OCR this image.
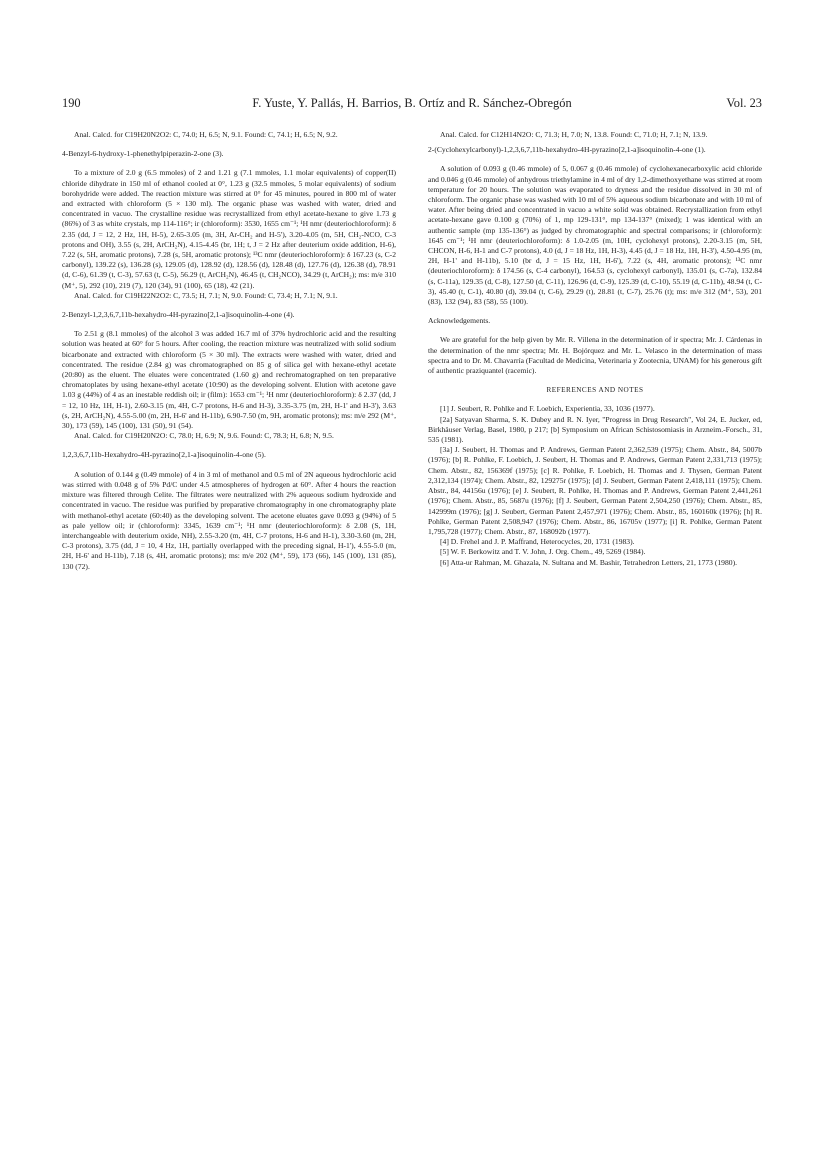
190	F. Yuste, Y. Pallás, H. Barrios, B. Ortíz and R. Sánchez-Obregón	Vol. 23

Anal. Calcd. for C19H20N2O2: C, 74.0; H, 6.5; N, 9.1. Found: C, 74.1; H, 6.5; N, 9.2.

4-Benzyl-6-hydroxy-1-phenethylpiperazin-2-one (3).

To a mixture of 2.0 g (6.5 mmoles) of 2 and 1.21 g (7.1 mmoles, 1.1 molar equivalents) of copper(II) chloride dihydrate in 150 ml of ethanol cooled at 0°, 1.23 g (32.5 mmoles, 5 molar equivalents) of sodium borohydride were added. The reaction mixture was stirred at 0° for 45 minutes, poured in 800 ml of water and extracted with chloroform (5 × 130 ml). The organic phase was washed with water, dried and concentrated in vacuo. The crystalline residue was recrystallized from ethyl acetate-hexane to give 1.73 g (86%) of 3 as white crystals, mp 114-116°; ir (chloroform): 3530, 1655 cm⁻¹; ¹H nmr (deuteriochloroform): δ 2.35 (dd, J = 12, 2 Hz, 1H, H-5), 2.65-3.05 (m, 3H, Ar-CH₂ and H-5'), 3.20-4.05 (m, 5H, CH₂-NCO, C-3 protons and OH), 3.55 (s, 2H, ArCH₂N), 4.15-4.45 (br, 1H; t, J = 2 Hz after deuterium oxide addition, H-6), 7.22 (s, 5H, aromatic protons), 7.28 (s, 5H, aromatic protons); ¹³C nmr (deuteriochloroform): δ 167.23 (s, C-2 carbonyl), 139.22 (s), 136.28 (s), 129.05 (d), 128.92 (d), 128.56 (d), 128.48 (d), 127.76 (d), 126.38 (d), 78.91 (d, C-6), 61.39 (t, C-3), 57.63 (t, C-5), 56.29 (t, ArCH₂N), 46.45 (t, CH₂NCO), 34.29 (t, ArCH₂); ms: m/e 310 (M⁺, 5), 292 (10), 219 (7), 120 (34), 91 (100), 65 (18), 42 (21).

Anal. Calcd. for C19H22N2O2: C, 73.5; H, 7.1; N, 9.0. Found: C, 73.4; H, 7.1; N, 9.1.

2-Benzyl-1,2,3,6,7,11b-hexahydro-4H-pyrazino[2,1-a]isoquinolin-4-one (4).

To 2.51 g (8.1 mmoles) of the alcohol 3 was added 16.7 ml of 37% hydrochloric acid and the resulting solution was heated at 60° for 5 hours. After cooling, the reaction mixture was neutralized with solid sodium bicarbonate and extracted with chloroform (5 × 30 ml). The extracts were washed with water, dried and concentrated. The residue (2.84 g) was chromatographed on 85 g of silica gel with hexane-ethyl acetate (20:80) as the eluent. The eluates were concentrated (1.60 g) and rechromatographed on ten preparative chromatoplates by using hexane-ethyl acetate (10:90) as the developing solvent. Elution with acetone gave 1.03 g (44%) of 4 as an inestable reddish oil; ir (film): 1653 cm⁻¹; ¹H nmr (deuteriochloroform): δ 2.37 (dd, J = 12, 10 Hz, 1H, H-1), 2.60-3.15 (m, 4H, C-7 protons, H-6 and H-3), 3.35-3.75 (m, 2H, H-1' and H-3'), 3.63 (s, 2H, ArCH₂N), 4.55-5.00 (m, 2H, H-6' and H-11b), 6.90-7.50 (m, 9H, aromatic protons); ms: m/e 292 (M⁺, 30), 173 (59), 145 (100), 131 (50), 91 (54).

Anal. Calcd. for C19H20N2O: C, 78.0; H, 6.9; N, 9.6. Found: C, 78.3; H, 6.8; N, 9.5.

1,2,3,6,7,11b-Hexahydro-4H-pyrazino[2,1-a]isoquinolin-4-one (5).

A solution of 0.144 g (0.49 mmole) of 4 in 3 ml of methanol and 0.5 ml of 2N aqueous hydrochloric acid was stirred with 0.048 g of 5% Pd/C under 4.5 atmospheres of hydrogen at 60°. After 4 hours the reaction mixture was filtered through Celite. The filtrates were neutralized with 2% aqueous sodium hydroxide and concentrated in vacuo. The residue was purified by preparative chromatography in one chromatography plate with methanol-ethyl acetate (60:40) as the developing solvent. The acetone eluates gave 0.093 g (94%) of 5 as pale yellow oil; ir (chloroform): 3345, 1639 cm⁻¹; ¹H nmr (deuteriochloroform): δ 2.08 (S, 1H, interchangeable with deuterium oxide, NH), 2.55-3.20 (m, 4H, C-7 protons, H-6 and H-1), 3.30-3.60 (m, 2H, C-3 protons), 3.75 (dd, J = 10, 4 Hz, 1H, partially overlapped with the preceding signal, H-1'), 4.55-5.0 (m, 2H, H-6' and H-11b), 7.18 (s, 4H, aromatic protons); ms: m/e 202 (M⁺, 59), 173 (66), 145 (100), 131 (85), 130 (72).

Anal. Calcd. for C12H14N2O: C, 71.3; H, 7.0; N, 13.8. Found: C, 71.0; H, 7.1; N, 13.9.

2-(Cyclohexylcarbonyl)-1,2,3,6,7,11b-hexahydro-4H-pyrazino[2,1-a]isoquinolin-4-one (1).

A solution of 0.093 g (0.46 mmole) of 5, 0.067 g (0.46 mmole) of cyclohexanecarboxylic acid chloride and 0.046 g (0.46 mmole) of anhydrous triethylamine in 4 ml of dry 1,2-dimethoxyethane was stirred at room temperature for 20 hours. The solution was evaporated to dryness and the residue dissolved in 30 ml of chloroform. The organic phase was washed with 10 ml of 5% aqueous sodium bicarbonate and with 10 ml of water. After being dried and concentrated in vacuo a white solid was obtained. Recrystallization from ethyl acetate-hexane gave 0.100 g (70%) of 1, mp 129-131°, mp 134-137° (mixed); 1 was identical with an authentic sample (mp 135-136°) as judged by chromatographic and spectral comparisons; ir (chloroform): 1645 cm⁻¹; ¹H nmr (deuteriochloroform): δ 1.0-2.05 (m, 10H, cyclohexyl protons), 2.20-3.15 (m, 5H, CHCON, H-6, H-1 and C-7 protons), 4.0 (d, J = 18 Hz, 1H, H-3), 4.45 (d, J = 18 Hz, 1H, H-3'), 4.50-4.95 (m, 2H, H-1' and H-11b), 5.10 (br d, J = 15 Hz, 1H, H-6'), 7.22 (s, 4H, aromatic protons); ¹³C nmr (deuteriochloroform): δ 174.56 (s, C-4 carbonyl), 164.53 (s, cyclohexyl carbonyl), 135.01 (s, C-7a), 132.84 (s, C-11a), 129.35 (d, C-8), 127.50 (d, C-11), 126.96 (d, C-9), 125.39 (d, C-10), 55.19 (d, C-11b), 48.94 (t, C-3), 45.40 (t, C-1), 40.80 (d), 39.04 (t, C-6), 29.29 (t), 28.81 (t, C-7), 25.76 (t); ms: m/e 312 (M⁺, 53), 201 (83), 132 (94), 83 (58), 55 (100).

Acknowledgements.

We are grateful for the help given by Mr. R. Villena in the determination of ir spectra; Mr. J. Cárdenas in the determination of the nmr spectra; Mr. H. Bojórquez and Mr. L. Velasco in the determination of mass spectra and to Dr. M. Chavarría (Facultad de Medicina, Veterinaria y Zootecnia, UNAM) for his generous gift of authentic praziquantel (racemic).

REFERENCES AND NOTES

[1] J. Seubert, R. Pohlke and F. Loebich, Experientia, 33, 1036 (1977).

[2a] Satyavan Sharma, S. K. Dubey and R. N. Iyer, "Progress in Drug Research", Vol 24, E. Jucker, ed, Birkhäuser Verlag, Basel, 1980, p 217; [b] Symposium on African Schistosomiasis in Arzneim.-Forsch., 31, 535 (1981).

[3a] J. Seubert, H. Thomas and P. Andrews, German Patent 2,362,539 (1975); Chem. Abstr., 84, 5007b (1976); [b] R. Pohlke, F. Loebich, J. Seubert, H. Thomas and P. Andrews, German Patent 2,331,713 (1975); Chem. Abstr., 82, 156369f (1975); [c] R. Pohlke, F. Loebich, H. Thomas and J. Thysen, German Patent 2,312,134 (1974); Chem. Abstr., 82, 129275r (1975); [d] J. Seubert, German Patent 2,418,111 (1975); Chem. Abstr., 84, 44156u (1976); [e] J. Seubert, R. Pohlke, H. Thomas and P. Andrews, German Patent 2,441,261 (1976); Chem. Abstr., 85, 5687u (1976); [f] J. Seubert, German Patent 2,504,250 (1976); Chem. Abstr., 85, 142999m (1976); [g] J. Seubert, German Patent 2,457,971 (1976); Chem. Abstr., 85, 160160k (1976); [h] R. Pohlke, German Patent 2,508,947 (1976); Chem. Abstr., 86, 16705v (1977); [i] R. Pohlke, German Patent 1,795,728 (1977); Chem. Abstr., 87, 168092b (1977).

[4] D. Frehel and J. P. Maffrand, Heterocycles, 20, 1731 (1983).

[5] W. F. Berkowitz and T. V. John, J. Org. Chem., 49, 5269 (1984).

[6] Atta-ur Rahman, M. Ghazala, N. Sultana and M. Bashir, Tetrahedron Letters, 21, 1773 (1980).
